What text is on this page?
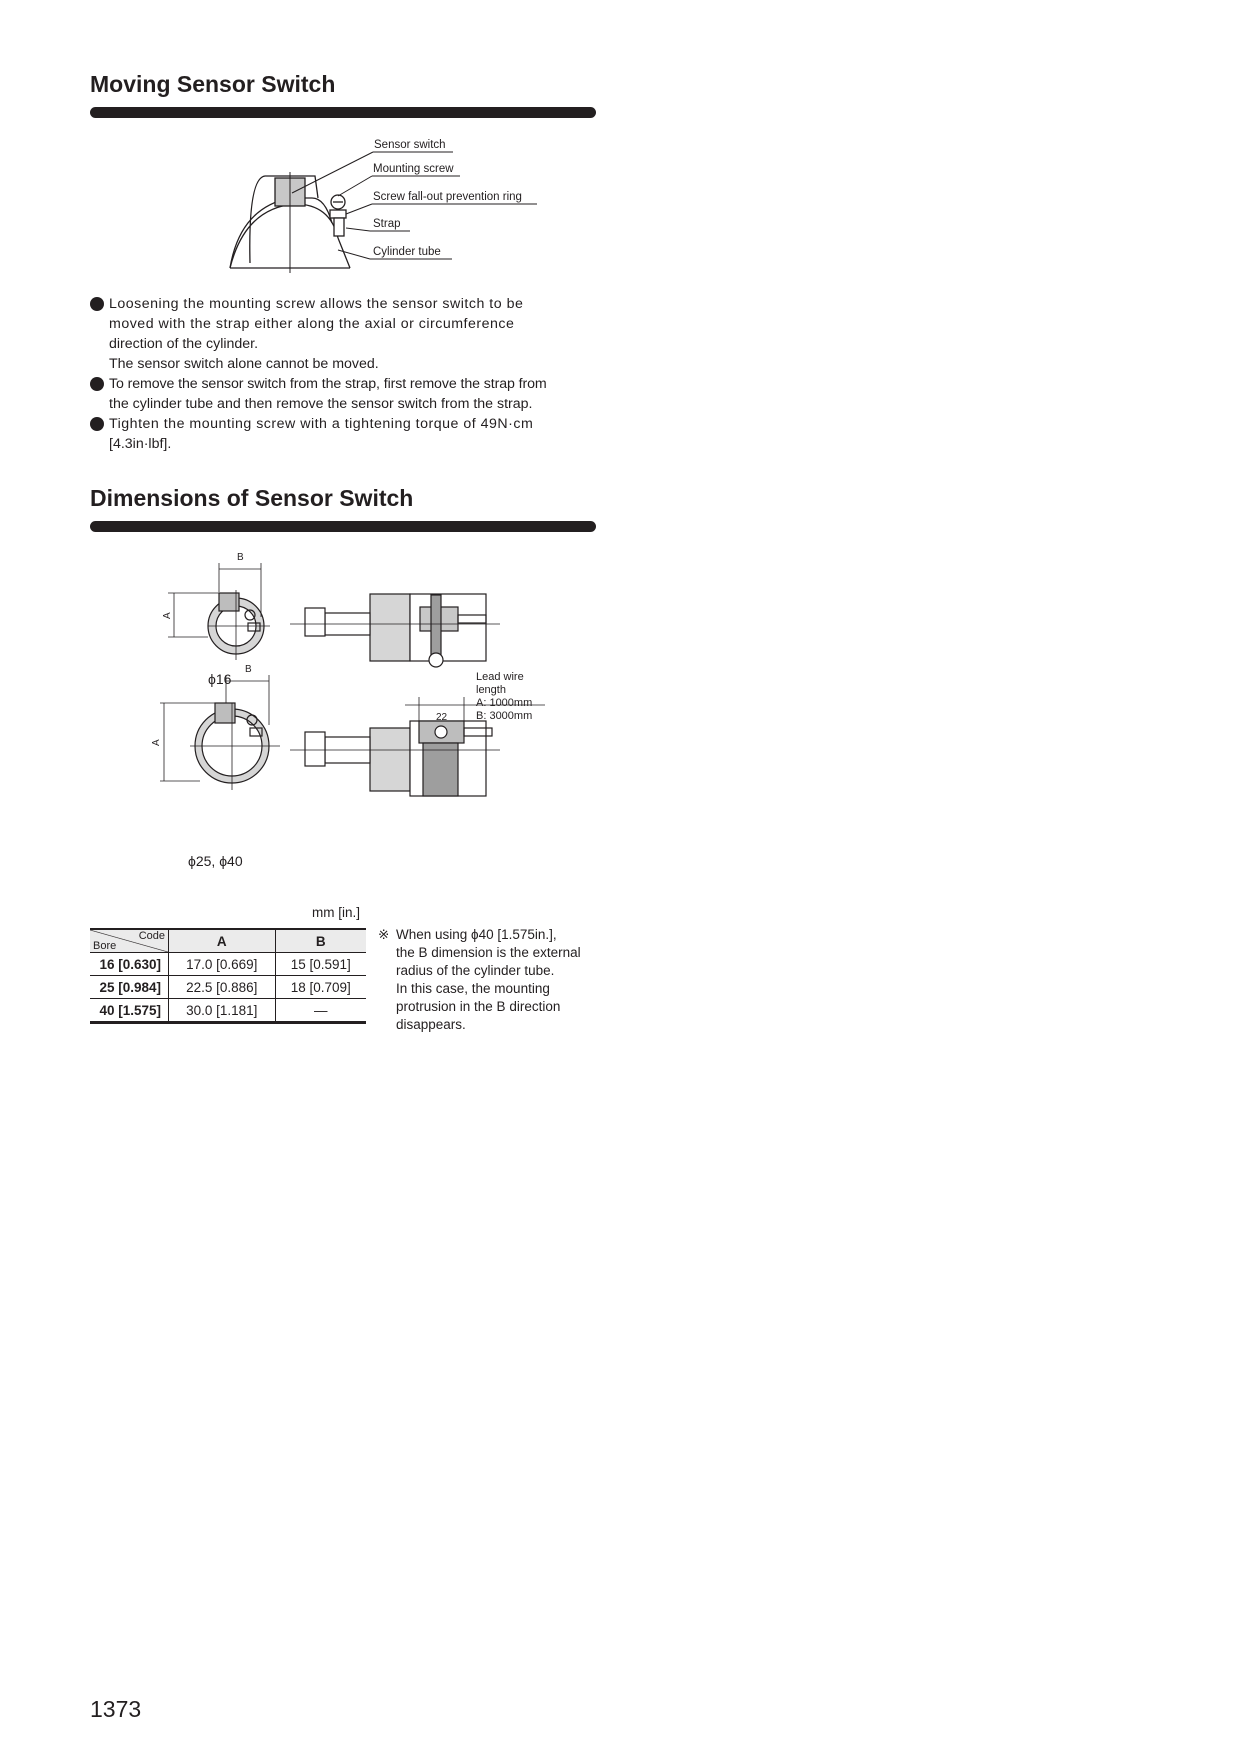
Moving Sensor Switch
Sensor switch
Mounting screw
Screw fall-out prevention ring
Strap
Cylinder tube
Loosening the mounting screw allows the sensor switch to be
moved with the strap either along the axial or circumference
direction of the cylinder.
The sensor switch alone cannot be moved.
To remove the sensor switch from the strap, first remove the strap from
the cylinder tube and then remove the sensor switch from the strap.
Tighten the mounting screw with a tightening torque of 49N·cm
[4.3in·lbf].
Dimensions of Sensor Switch
B
A
ϕ16
B
A
ϕ25, ϕ40
22
Lead wire
length
A: 1000mm
B: 3000mm
mm [in.]
Code
Bore	A	B
16 [0.630]	17.0 [0.669]	15 [0.591]
25 [0.984]	22.5 [0.886]	18 [0.709]
40 [1.575]	30.0 [1.181]	—
※ When using ϕ40 [1.575in.],
the B dimension is the external
radius of the cylinder tube.
In this case, the mounting
protrusion in the B direction
disappears.
1373
